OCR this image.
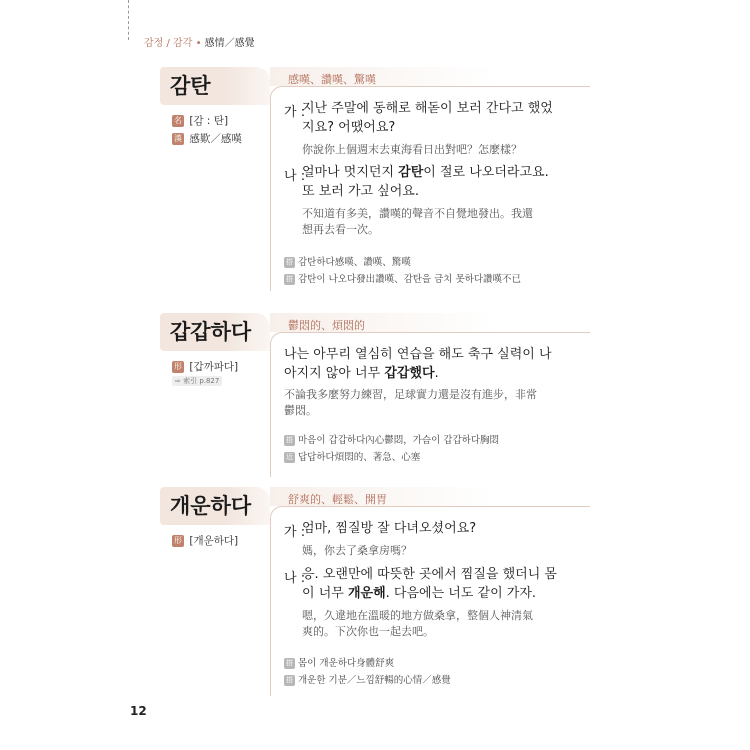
감정 / 감각 • 感情／感覺
감탄	感嘆、讚嘆、驚嘆
名 [감 : 탄]
漢 感歎／感嘆
가 :
지난 주말에 동해로 해돋이 보러 간다고 했었
지요? 어땠어요?
你說你上個週末去東海看日出對吧？怎麼樣？
나 :
얼마나 멋지던지 감탄이 절로 나오더라고요.
또 보러 가고 싶어요.
不知道有多美，讚嘆的聲音不自覺地發出。我還
想再去看一次。
搭 감탄하다感嘆、讚嘆、驚嘆
搭 감탄이 나오다發出讚嘆、감탄을 금치 못하다讚嘆不已
갑갑하다	鬱悶的、煩悶的
形 [갑까파다]
⇨ 索引 p.827
나는 아무리 열심히 연습을 해도 축구 실력이 나
아지지 않아 너무 갑갑했다.
不論我多麼努力練習，足球實力還是沒有進步，非常
鬱悶。
搭 마음이 갑갑하다內心鬱悶，가슴이 갑갑하다胸悶
近 답답하다煩悶的、著急、心塞
개운하다	舒爽的、輕鬆、開胃
形 [개운하다]
가 :
엄마, 찜질방 잘 다녀오셨어요?
媽，你去了桑拿房嗎？
나 :
응. 오랜만에 따뜻한 곳에서 찜질을 했더니 몸
이 너무 개운해. 다음에는 너도 같이 가자.
嗯，久違地在溫暖的地方做桑拿，整個人神清氣
爽的。下次你也一起去吧。
搭 몸이 개운하다身體舒爽
搭 개운한 기분／느낌舒暢的心情／感覺
12
